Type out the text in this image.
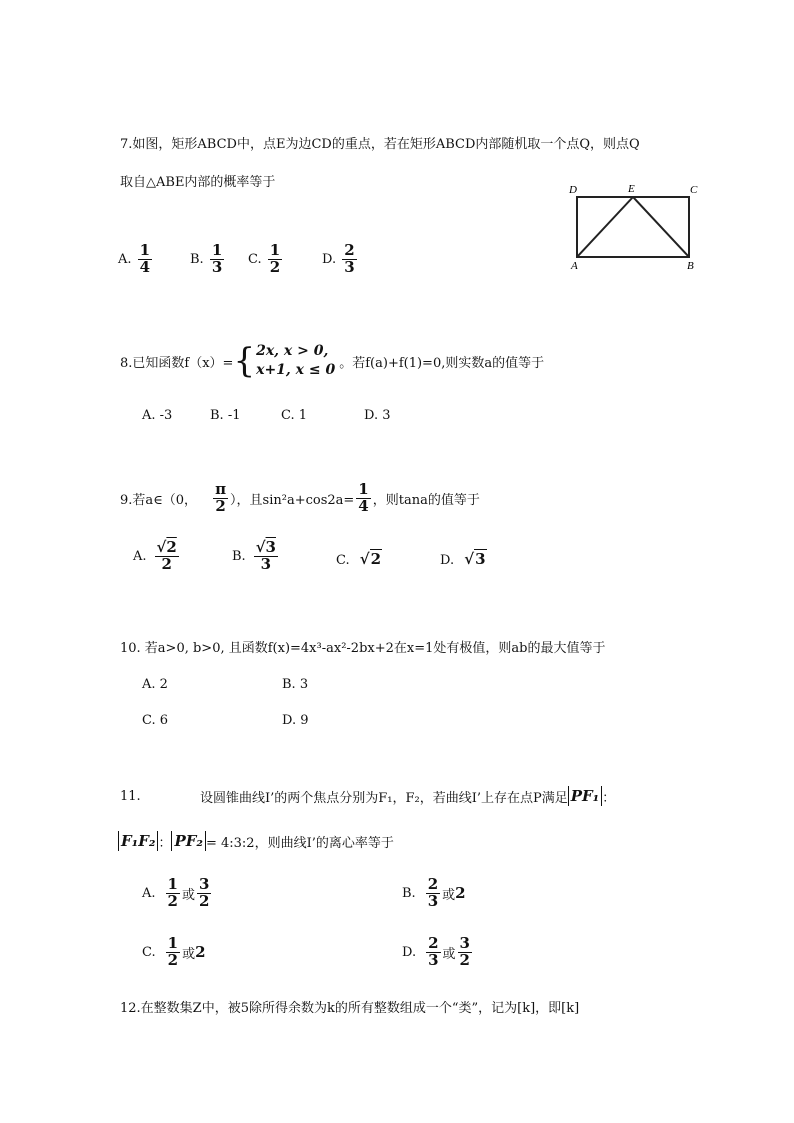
7.如图，矩形ABCD中，点E为边CD的重点，若在矩形ABCD内部随机取一个点Q，则点Q
取自△ABE内部的概率等于
A. $\frac{1}{4}$	B. $\frac{1}{3} C$. $\frac{1}{2}$	D. $\frac{2}{3}$
D	E	C
A	B
8.已知函数f（x）= { 2x, x > 0,
x+1, x ≤ 0 。若f(a)+f(1)=0,则实数a的值等于
A. -3	B. -1	C. 1	D. 3
9.若a∈（0， $\frac{\pi}{2}$ ），且$\sin^2a+\cos 2a= \frac{1}{4}$ ，则tana的值等于
A. $\frac{√2}{2}$	B. $\frac{√3}{3}$	C. √2	D. √3
10. 若a>0, b>0, 且函数f(x)=4x³-ax²-2bx+2在x=1处有极值，则ab的最大值等于
A. 2	B. 3
C. 6	D. 9
11.	设圆锥曲线Ι’的两个焦点分别为F₁，F₂，若曲线Ι’上存在点P满足 PF₁ ：
F₁F₂ ： PF₂ = 4:3:2，则曲线Ι’的离心率等于
A. $\frac{1}{2}$ 或 $\frac{3}{2}$	B. $\frac{2}{3}$ 或 2
C. $\frac{1}{2}$ 或 2	D. $\frac{2}{3}$ 或 $\frac{3}{2}$
12.在整数集Z中，被5除所得余数为k的所有整数组成一个“类”，记为[k]，即[k]
